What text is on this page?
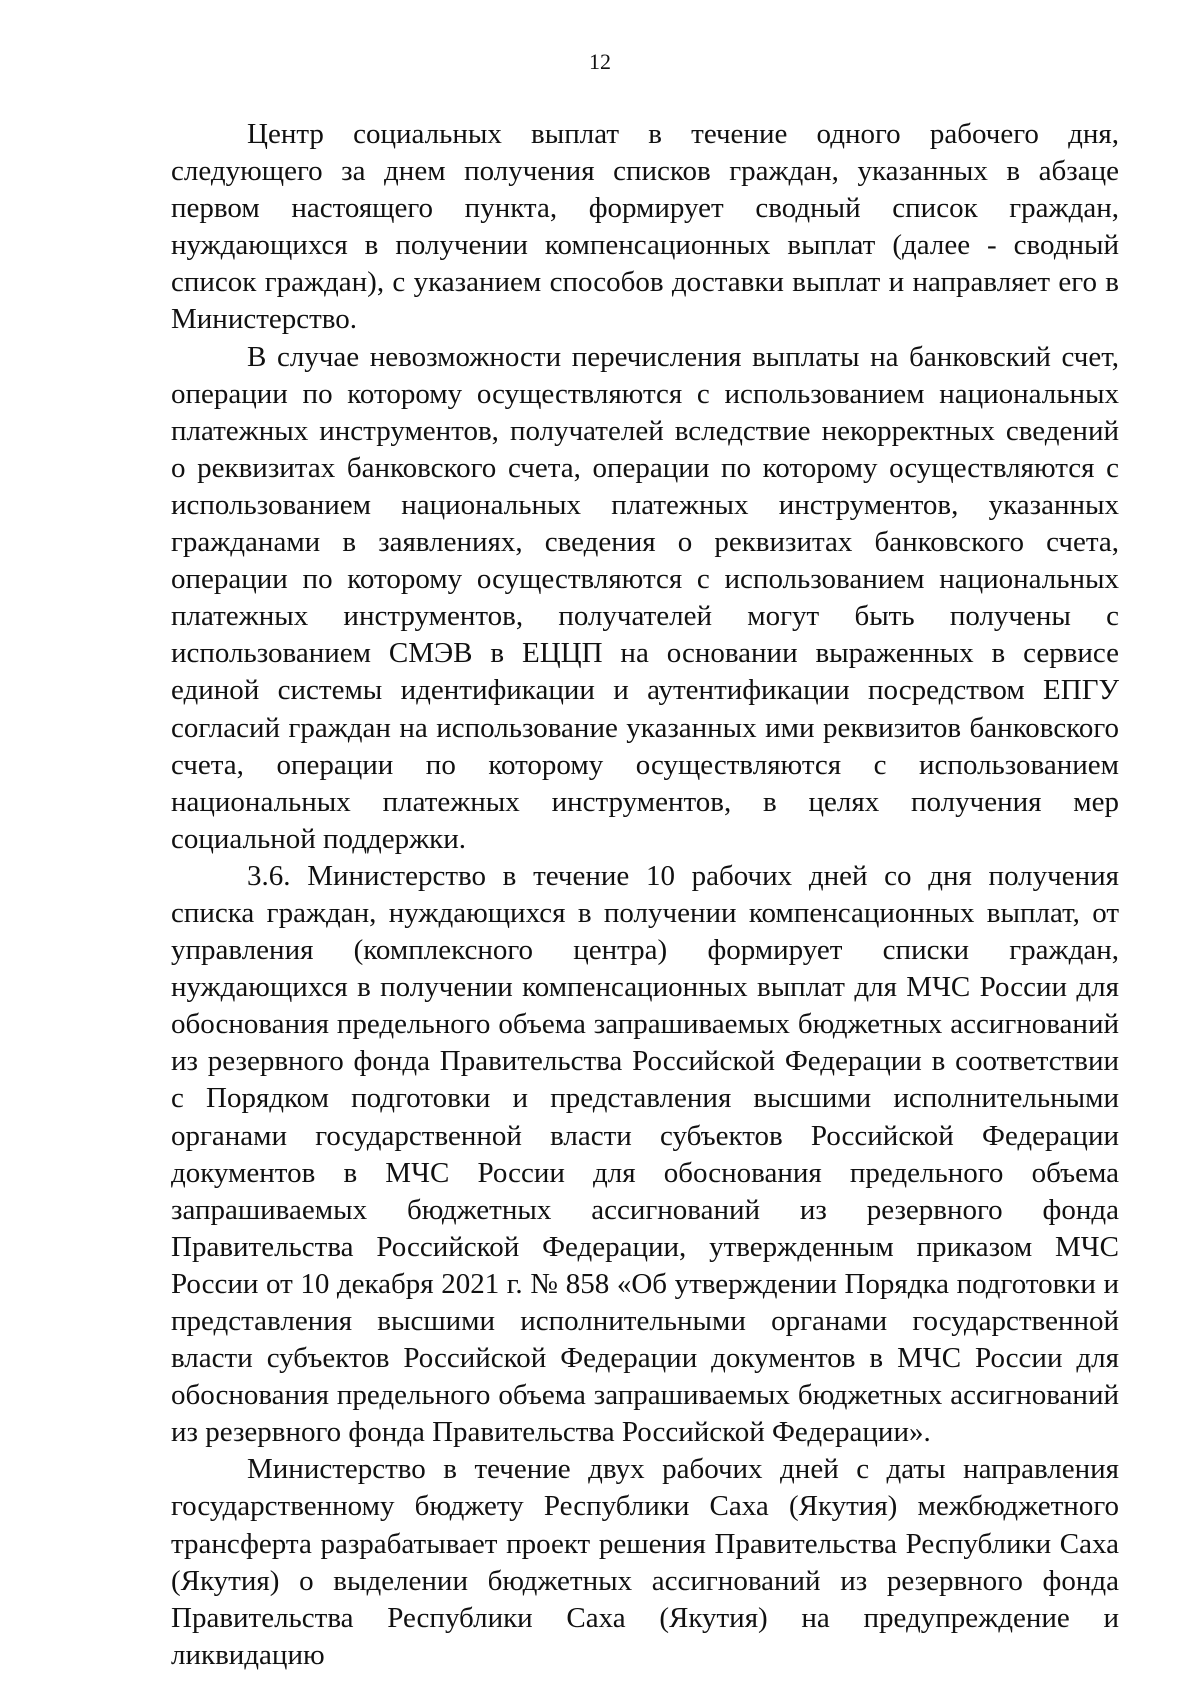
12

Центр социальных выплат в течение одного рабочего дня, следующего за днем получения списков граждан, указанных в абзаце первом настоящего пункта, формирует сводный список граждан, нуждающихся в получении компенсационных выплат (далее - сводный список граждан), с указанием способов доставки выплат и направляет его в Министерство.

В случае невозможности перечисления выплаты на банковский счет, операции по которому осуществляются с использованием национальных платежных инструментов, получателей вследствие некорректных сведений о реквизитах банковского счета, операции по которому осуществляются с использованием национальных платежных инструментов, указанных гражданами в заявлениях, сведения о реквизитах банковского счета, операции по которому осуществляются с использованием национальных платежных инструментов, получателей могут быть получены с использованием СМЭВ в ЕЦЦП на основании выраженных в сервисе единой системы идентификации и аутентификации посредством ЕПГУ согласий граждан на использование указанных ими реквизитов банковского счета, операции по которому осуществляются с использованием национальных платежных инструментов, в целях получения мер социальной поддержки.

3.6. Министерство в течение 10 рабочих дней со дня получения списка граждан, нуждающихся в получении компенсационных выплат, от управления (комплексного центра) формирует списки граждан, нуждающихся в получении компенсационных выплат для МЧС России для обоснования предельного объема запрашиваемых бюджетных ассигнований из резервного фонда Правительства Российской Федерации в соответствии с Порядком подготовки и представления высшими исполнительными органами государственной власти субъектов Российской Федерации документов в МЧС России для обоснования предельного объема запрашиваемых бюджетных ассигнований из резервного фонда Правительства Российской Федерации, утвержденным приказом МЧС России от 10 декабря 2021 г. № 858 «Об утверждении Порядка подготовки и представления высшими исполнительными органами государственной власти субъектов Российской Федерации документов в МЧС России для обоснования предельного объема запрашиваемых бюджетных ассигнований из резервного фонда Правительства Российской Федерации».

Министерство в течение двух рабочих дней с даты направления государственному бюджету Республики Саха (Якутия) межбюджетного трансферта разрабатывает проект решения Правительства Республики Саха (Якутия) о выделении бюджетных ассигнований из резервного фонда Правительства Республики Саха (Якутия) на предупреждение и ликвидацию
